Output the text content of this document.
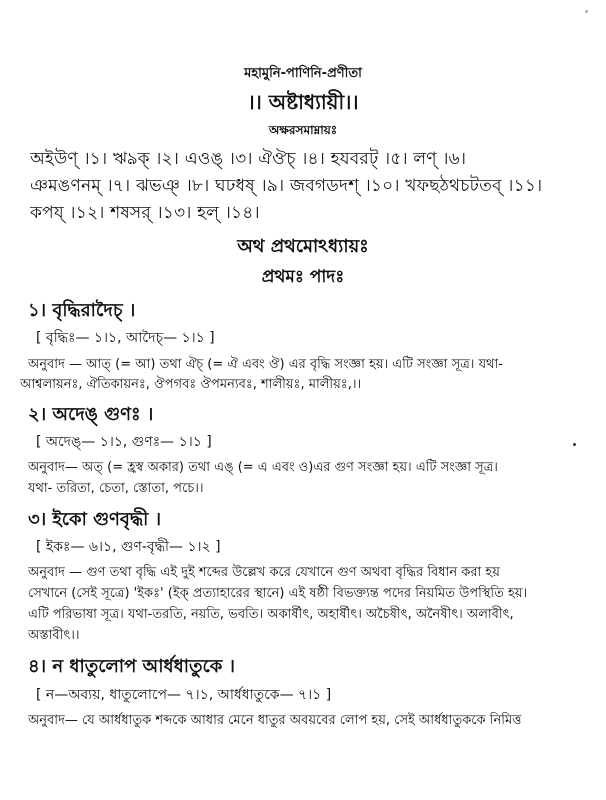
মহামুনি-পাণিনি-প্রণীতা
।। অষ্টাধ্যায়ী।।
অক্ষরসমাম্নায়ঃ
অইউণ্ ।১। ঋঌক্ ।২। এওঙ্ ।৩। ঐঔচ্ ।৪। হযবরট্ ।৫। লণ্ ।৬।
ঞমঙণনম্ ।৭। ঝভঞ্ ।৮। ঘঢধষ্ ।৯। জবগডদশ্ ।১০। খফছঠথচটতব্ ।১১।
কপয্ ।১২। শষসর্ ।১৩। হল্ ।১৪।
অথ প্রথমোঽধ্যায়ঃ
প্রথমঃ পাদঃ
১। বৃদ্ধিরাদৈচ্ ।
[ বৃদ্ধিঃ— ১।১, আদৈচ্— ১।১ ]
অনুবাদ — আত্ (= আ) তথা ঐচ্ (= ঐ এবং ঔ) এর বৃদ্ধি সংজ্ঞা হয়। এটি সংজ্ঞা সূত্র। যথা-
আশ্বলায়নঃ, ঐতিকায়নঃ, ঔপগবঃ ঔপমন্যবঃ, শালীয়ঃ, মালীয়ঃ,।।
২। অদেঙ্ গুণঃ ।
[ অদেঙ্— ১।১, গুণঃ— ১।১ ]
অনুবাদ— অত্ (= হ্রস্ব অকার) তথা এঙ্ (= এ এবং ও)এর গুণ সংজ্ঞা হয়। এটি সংজ্ঞা সূত্র।
যথা- তরিতা, চেতা, স্তোতা, পচে।।
৩। ইকো গুণবৃদ্ধী ।
[ ইকঃ— ৬।১, গুণ-বৃদ্ধী— ১।২ ]
অনুবাদ — গুণ তথা বৃদ্ধি এই দুই শব্দের উল্লেখ করে যেখানে গুণ অথবা বৃদ্ধির বিধান করা হয়
সেখানে (সেই সূত্রে) 'ইকঃ' (ইক্ প্রত্যাহারের স্থানে) এই ষষ্ঠী বিভক্ত্যন্ত পদের নিয়মিত উপস্থিতি হয়।
এটি পরিভাষা সূত্র। যথা-তরতি, নয়তি, ভবতি। অকার্ষীৎ, অহার্ষীৎ। অচৈষীৎ, অনৈষীৎ। অলাবীৎ,
অস্তাবীৎ।।
৪। ন ধাতুলোপ আর্ধধাতুকে ।
[ ন—অব্যয়, ধাতুলোপে— ৭।১, আর্ধধাতুকে— ৭।১ ]
অনুবাদ— যে আর্ধধাতুক শব্দকে আধার মেনে ধাতুর অবয়বের লোপ হয়, সেই আর্ধধাতুককে নিমিত্ত
